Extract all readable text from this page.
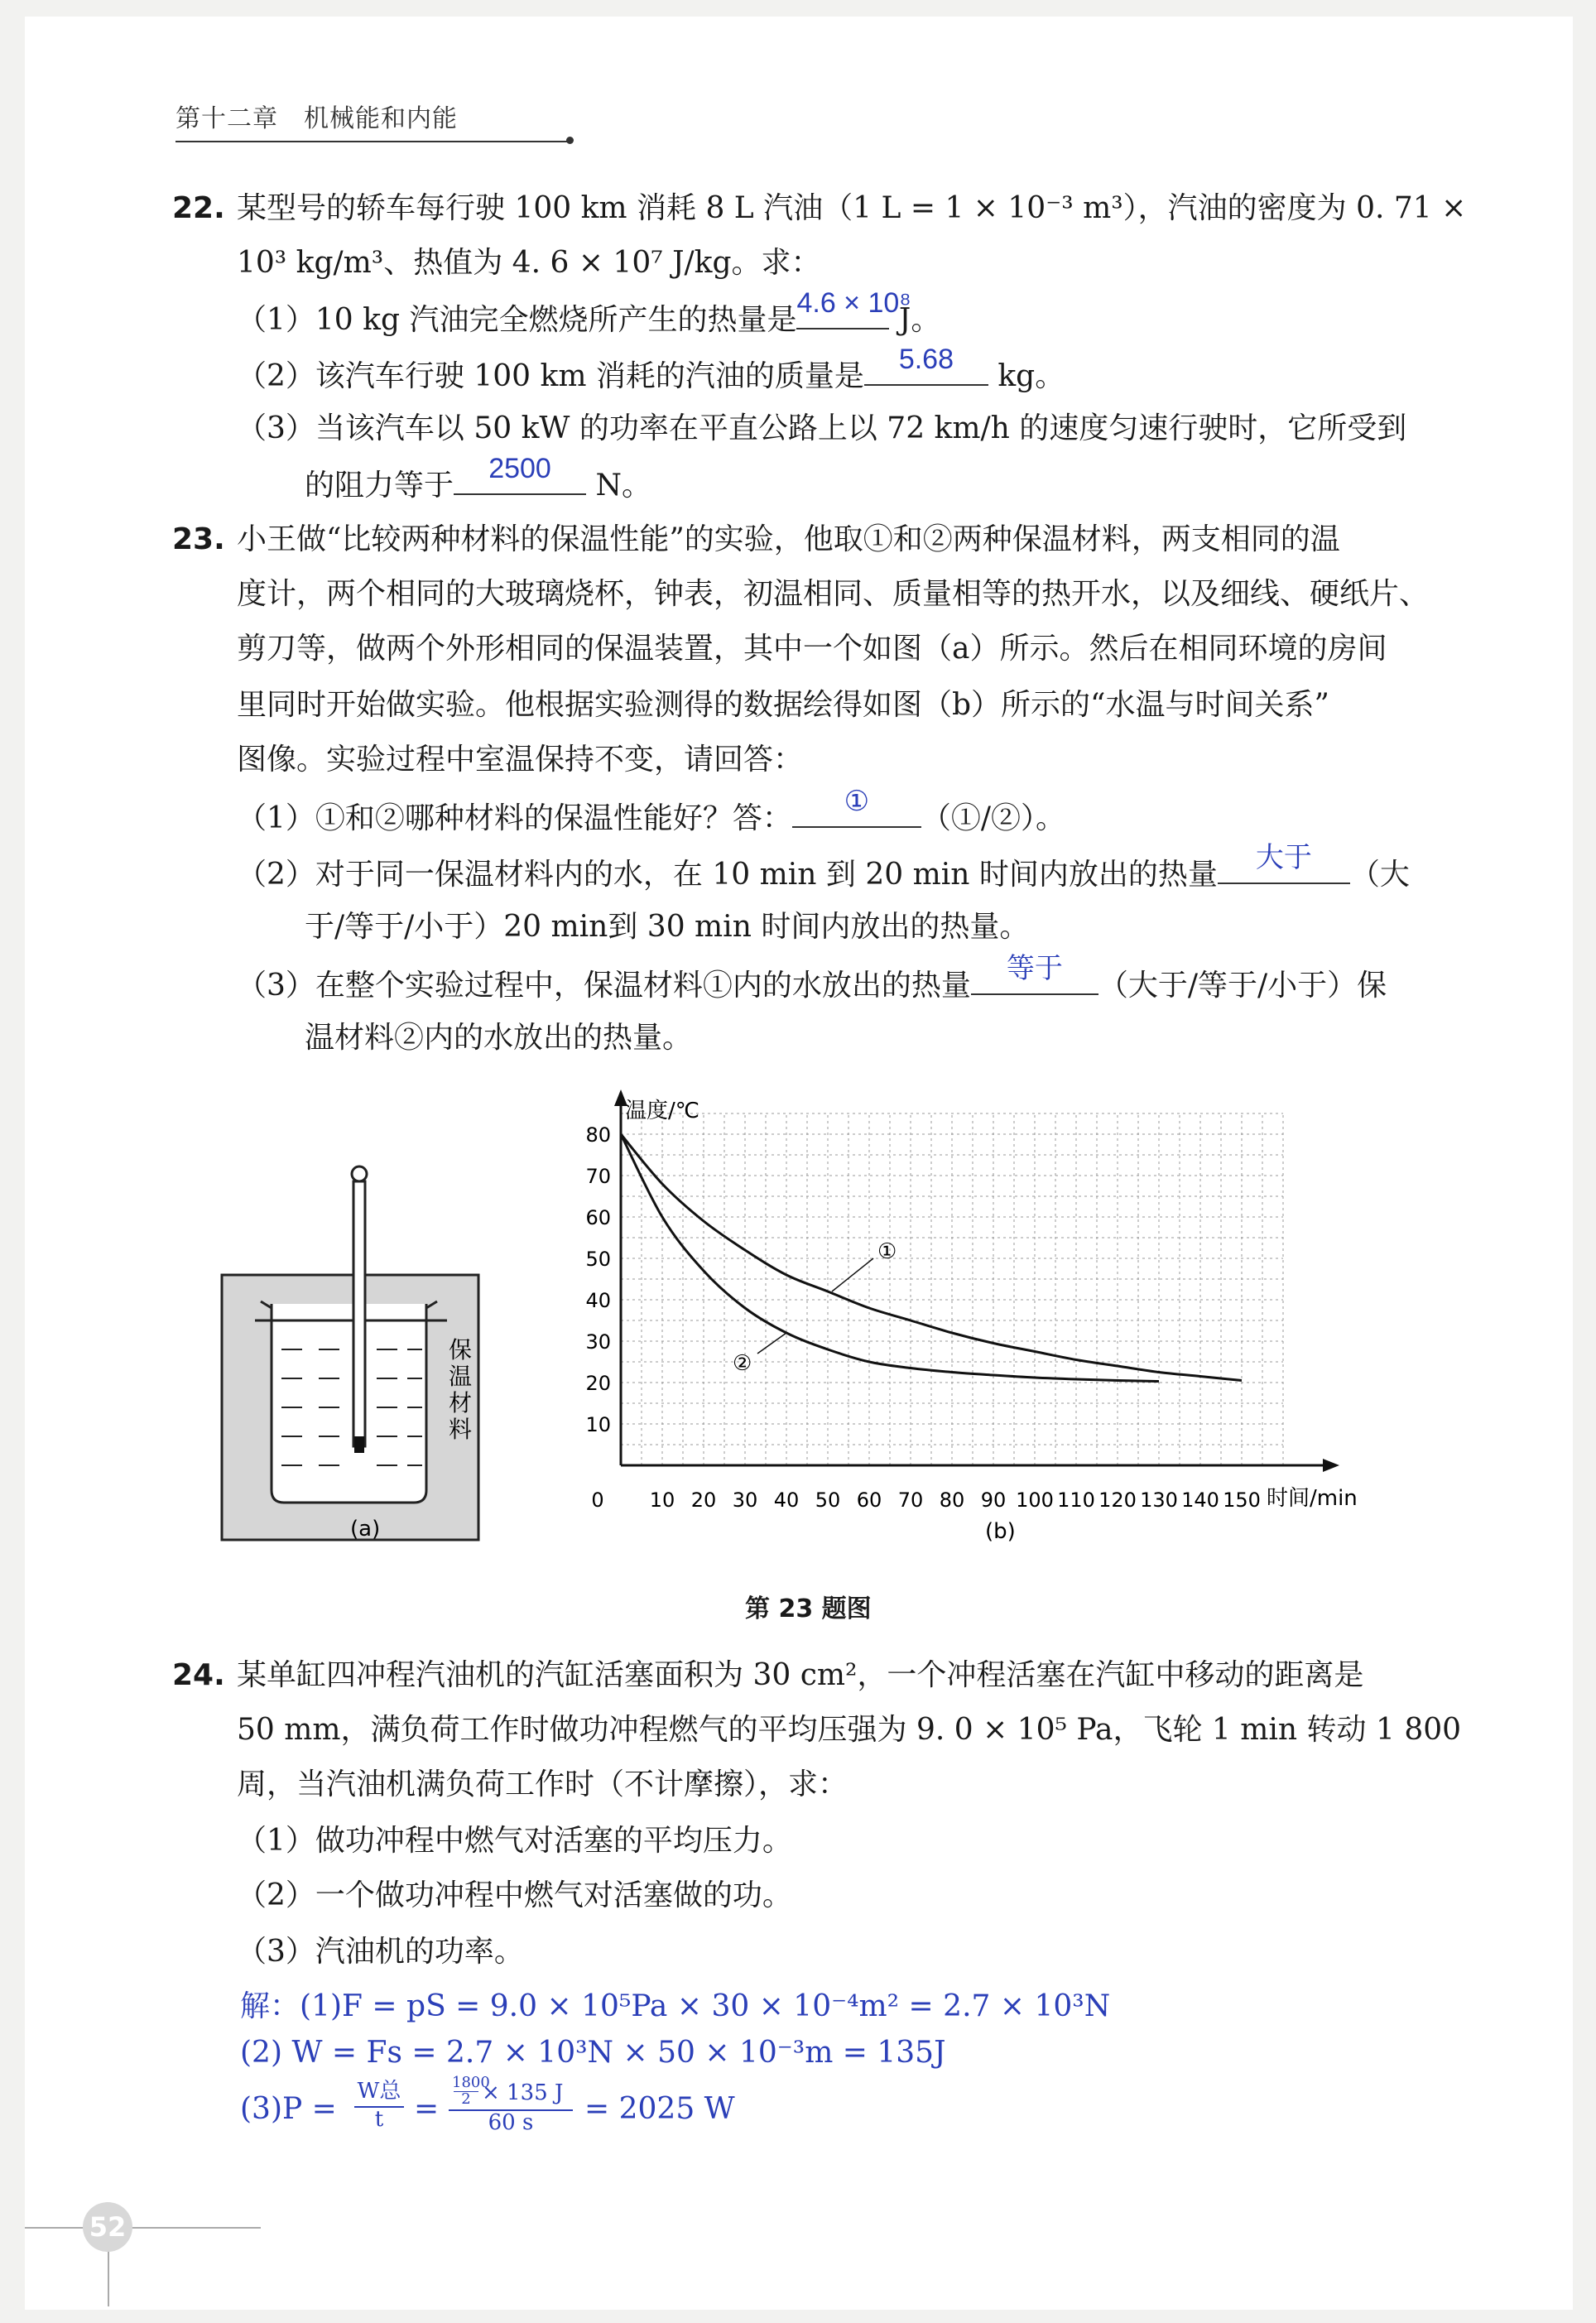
第十二章　机械能和内能
22. 某型号的轿车每行驶 100 km 消耗 8 L 汽油（1 L = 1 × 10⁻³ m³），汽油的密度为 0. 71 ×
10³ kg/m³、热值为 4. 6 × 10⁷ J/kg。求：
（1）10 kg 汽油完全燃烧所产生的热量是 4.6 × 10⁸
J。
（2）该汽车行驶 100 km 消耗的汽油的质量是	5.68	kg。
（3）当该汽车以 50 kW 的功率在平直公路上以 72 km/h 的速度匀速行驶时，它所受到
的阻力等于	2500	N。
23. 小王做“比较两种材料的保温性能”的实验，他取①和②两种保温材料，两支相同的温
度计，两个相同的大玻璃烧杯，钟表，初温相同、质量相等的热开水，以及细线、硬纸片、
剪刀等，做两个外形相同的保温装置，其中一个如图（a）所示。然后在相同环境的房间
里同时开始做实验。他根据实验测得的数据绘得如图（b）所示的“水温与时间关系”
图像。实验过程中室温保持不变，请回答：
（1）①和②哪种材料的保温性能好？答：	①	（①/②）。
（2）对于同一保温材料内的水，在 10 min 到 20 min 时间内放出的热量	大于	（大
于/等于/小于）20 min到 30 min 时间内放出的热量。
（3）在整个实验过程中，保温材料①内的水放出的热量	等于	（大于/等于/小于）保
温材料②内的水放出的热量。
保
温
材
料
(a)
0 10 20 30 40 50 60 70 80 90 100 110 120 130 140 150
10
20
30
40
50
60
70
80
温度/℃
时间/min
①
②
(b)
第 23 题图
24. 某单缸四冲程汽油机的汽缸活塞面积为 30 cm²，一个冲程活塞在汽缸中移动的距离是
50 mm，满负荷工作时做功冲程燃气的平均压强为 9. 0 × 10⁵ Pa，飞轮 1 min 转动 1 800
周，当汽油机满负荷工作时（不计摩擦），求：
（1）做功冲程中燃气对活塞的平均压力。
（2）一个做功冲程中燃气对活塞做的功。
（3）汽油机的功率。
解：(1)F = pS = 9.0 × 10⁵Pa × 30 × 10⁻⁴m² = 2.7 × 10³N
(2) W = Fs = 2.7 × 10³N × 50 × 10⁻³m = 135J
(3)P =
W总
t	=
1800
2 × 135 J
60 s	= 2025 W
52
